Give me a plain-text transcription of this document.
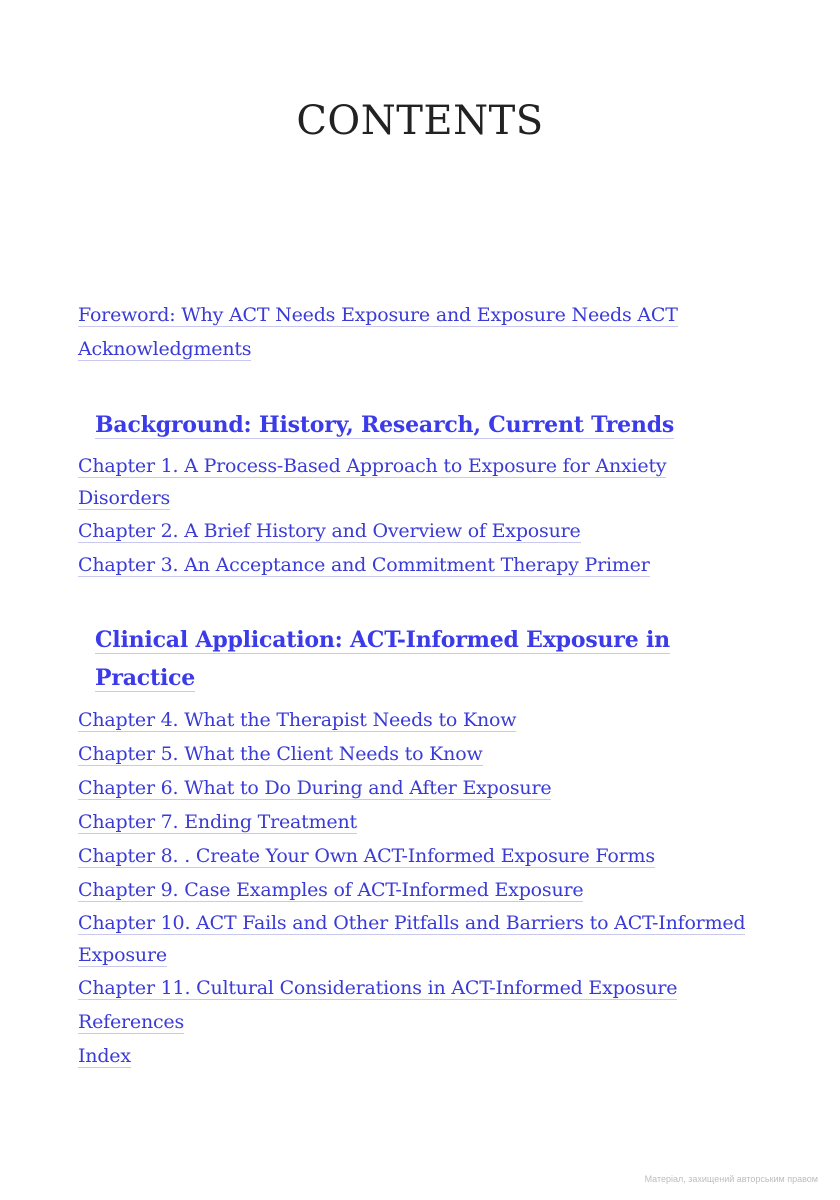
CONTENTS
Foreword: Why ACT Needs Exposure and Exposure Needs ACT
Acknowledgments
Background: History, Research, Current Trends
Chapter 1. A Process-Based Approach to Exposure for Anxiety Disorders
Chapter 2. A Brief History and Overview of Exposure
Chapter 3. An Acceptance and Commitment Therapy Primer
Clinical Application: ACT-Informed Exposure in Practice
Chapter 4. What the Therapist Needs to Know
Chapter 5. What the Client Needs to Know
Chapter 6. What to Do During and After Exposure
Chapter 7. Ending Treatment
Chapter 8. . Create Your Own ACT-Informed Exposure Forms
Chapter 9. Case Examples of ACT-Informed Exposure
Chapter 10. ACT Fails and Other Pitfalls and Barriers to ACT-Informed Exposure
Chapter 11. Cultural Considerations in ACT-Informed Exposure
References
Index
Матеріал, захищений авторським правом
